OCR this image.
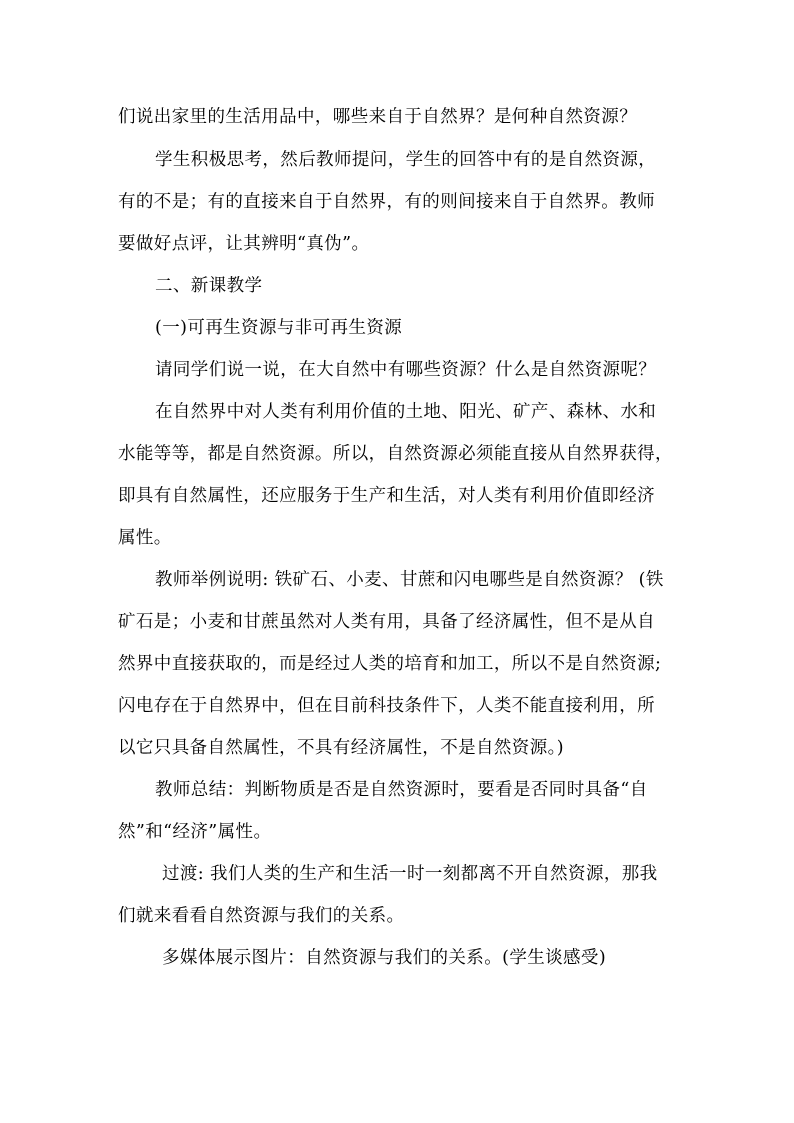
们说出家里的生活用品中，哪些来自于自然界？是何种自然资源？
学生积极思考，然后教师提问，学生的回答中有的是自然资源，
有的不是；有的直接来自于自然界，有的则间接来自于自然界。教师
要做好点评，让其辨明“真伪”。
二、新课教学
(一)可再生资源与非可再生资源
请同学们说一说，在大自然中有哪些资源？什么是自然资源呢？
在自然界中对人类有利用价值的土地、阳光、矿产、森林、水和
水能等等，都是自然资源。所以，自然资源必须能直接从自然界获得，
即具有自然属性，还应服务于生产和生活，对人类有利用价值即经济
属性。
教师举例说明: 铁矿石、小麦、甘蔗和闪电哪些是自然资源？ (铁
矿石是；小麦和甘蔗虽然对人类有用，具备了经济属性，但不是从自
然界中直接获取的，而是经过人类的培育和加工，所以不是自然资源;
闪电存在于自然界中，但在目前科技条件下，人类不能直接利用，所
以它只具备自然属性，不具有经济属性，不是自然资源。)
教师总结：判断物质是否是自然资源时，要看是否同时具备“自
然”和“经济”属性。
过渡: 我们人类的生产和生活一时一刻都离不开自然资源，那我
们就来看看自然资源与我们的关系。
多媒体展示图片：自然资源与我们的关系。(学生谈感受)
